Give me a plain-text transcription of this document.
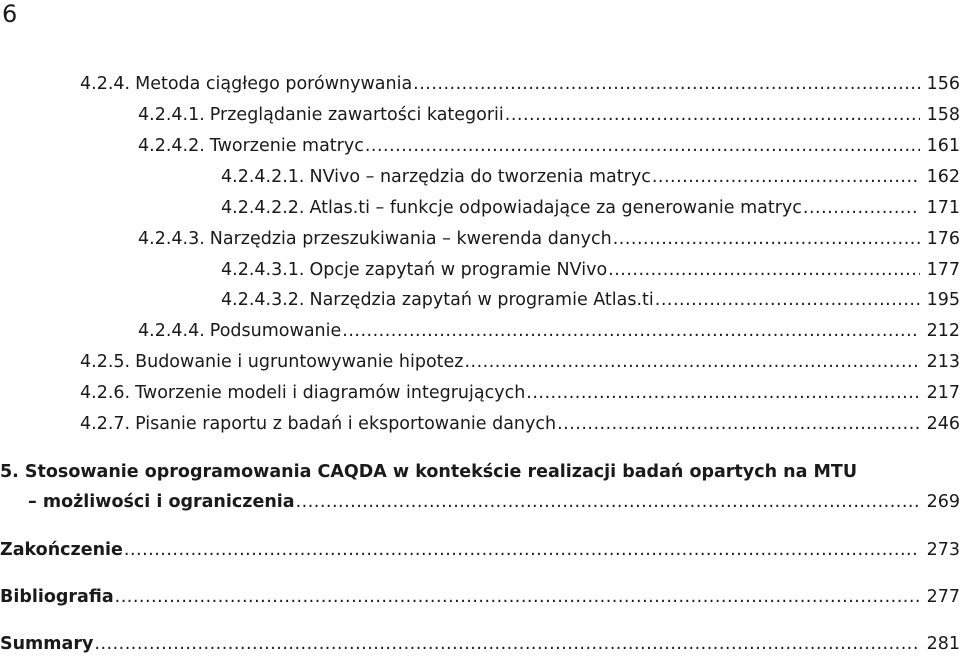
6
4.2.4. Metoda ciągłego porównywania .....	156
4.2.4.1. Przeglądanie zawartości kategorii .....	158
4.2.4.2. Tworzenie matryc .....	161
4.2.4.2.1. NVivo – narzędzia do tworzenia matryc .....	162
4.2.4.2.2. Atlas.ti – funkcje odpowiadające za generowanie matryc .....	171
4.2.4.3. Narzędzia przeszukiwania – kwerenda danych .....	176
4.2.4.3.1. Opcje zapytań w programie NVivo .....	177
4.2.4.3.2. Narzędzia zapytań w programie Atlas.ti .....	195
4.2.4.4. Podsumowanie .....	212
4.2.5. Budowanie i ugruntowywanie hipotez .....	213
4.2.6. Tworzenie modeli i diagramów integrujących .....	217
4.2.7. Pisanie raportu z badań i eksportowanie danych .....	246
5. Stosowanie oprogramowania CAQDA w kontekście realizacji badań opartych na MTU
– możliwości i ograniczenia .....	269
Zakończenie .....	273
Bibliografia .....	277
Summary .....	281
